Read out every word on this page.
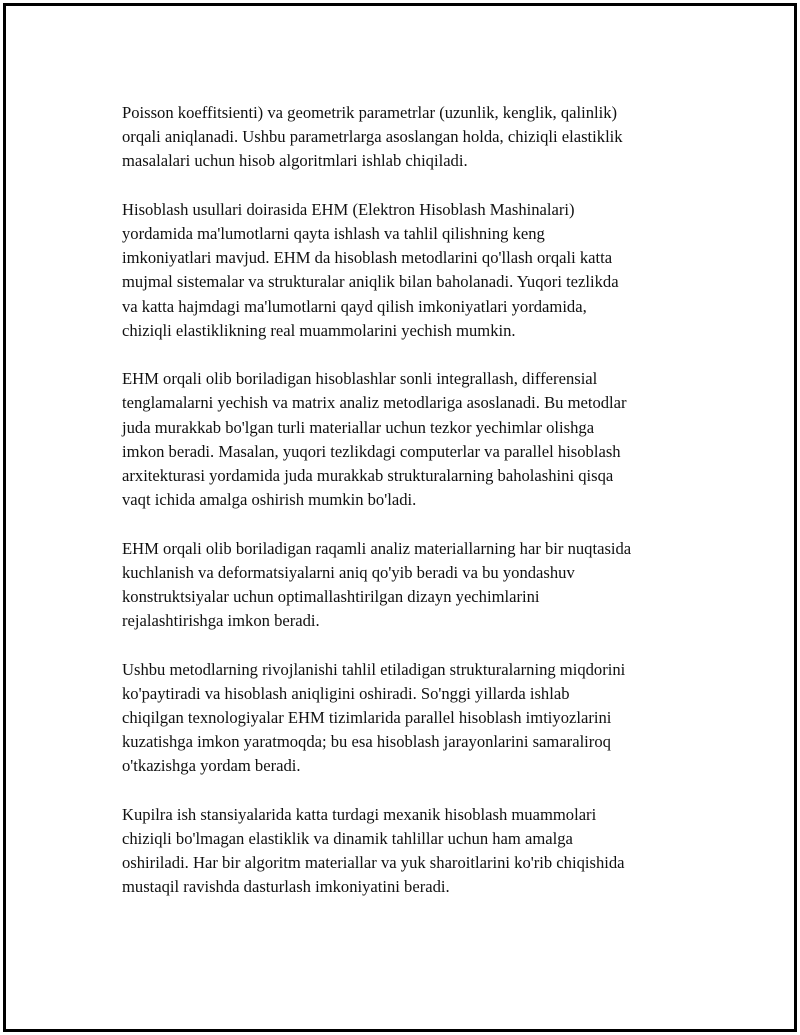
Poisson koeffitsienti) va geometrik parametrlar (uzunlik, kenglik, qalinlik)
orqali aniqlanadi. Ushbu parametrlarga asoslangan holda, chiziqli elastiklik
masalalari uchun hisob algoritmlari ishlab chiqiladi.

Hisoblash usullari doirasida EHM (Elektron Hisoblash Mashinalari)
yordamida ma'lumotlarni qayta ishlash va tahlil qilishning keng
imkoniyatlari mavjud. EHM da hisoblash metodlarini qo'llash orqali katta
mujmal sistemalar va strukturalar aniqlik bilan baholanadi. Yuqori tezlikda
va katta hajmdagi ma'lumotlarni qayd qilish imkoniyatlari yordamida,
chiziqli elastiklikning real muammolarini yechish mumkin.

EHM orqali olib boriladigan hisoblashlar sonli integrallash, differensial
tenglamalarni yechish va matrix analiz metodlariga asoslanadi. Bu metodlar
juda murakkab bo'lgan turli materiallar uchun tezkor yechimlar olishga
imkon beradi. Masalan, yuqori tezlikdagi computerlar va parallel hisoblash
arxitekturasi yordamida juda murakkab strukturalarning baholashini qisqa
vaqt ichida amalga oshirish mumkin bo'ladi.

EHM orqali olib boriladigan raqamli analiz materiallarning har bir nuqtasida
kuchlanish va deformatsiyalarni aniq qo'yib beradi va bu yondashuv
konstruktsiyalar uchun optimallashtirilgan dizayn yechimlarini
rejalashtirishga imkon beradi.

Ushbu metodlarning rivojlanishi tahlil etiladigan strukturalarning miqdorini
ko'paytiradi va hisoblash aniqligini oshiradi. So'nggi yillarda ishlab
chiqilgan texnologiyalar EHM tizimlarida parallel hisoblash imtiyozlarini
kuzatishga imkon yaratmoqda; bu esa hisoblash jarayonlarini samaraliroq
o'tkazishga yordam beradi.

Kupilra ish stansiyalarida katta turdagi mexanik hisoblash muammolari
chiziqli bo'lmagan elastiklik va dinamik tahlillar uchun ham amalga
oshiriladi. Har bir algoritm materiallar va yuk sharoitlarini ko'rib chiqishida
mustaqil ravishda dasturlash imkoniyatini beradi.
